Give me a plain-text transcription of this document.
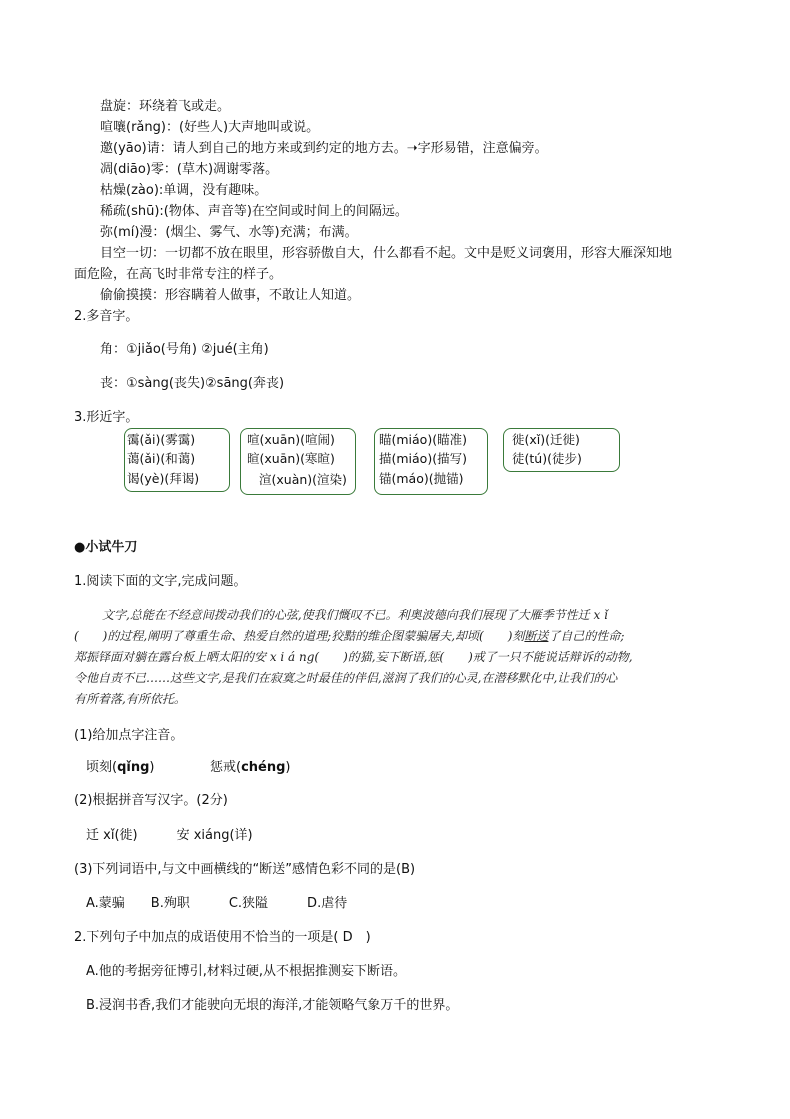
盘旋：环绕着飞或走。
喧嚷(rǎng)：(好些人)大声地叫或说。
邀(yāo)请：请人到自己的地方来或到约定的地方去。➝字形易错，注意偏旁。
凋(diāo)零：(草木)凋谢零落。
枯燥(zào):单调，没有趣味。
稀疏(shū):(物体、声音等)在空间或时间上的间隔远。
弥(mí)漫：(烟尘、雾气、水等)充满；布满。
目空一切：一切都不放在眼里，形容骄傲自大，什么都看不起。文中是贬义词褒用，形容大雁深知地
面危险，在高飞时非常专注的样子。
偷偷摸摸：形容瞒着人做事，不敢让人知道。
2.多音字。
角：①jiǎo(号角) ②jué(主角)
丧：①sàng(丧失)②sāng(奔丧)
3.形近字。
霭(ǎi)(雾霭)
蔼(ǎi)(和蔼)
谒(yè)(拜谒)
喧(xuān)(喧闹)
暄(xuān)(寒暄)
渲(xuàn)(渲染)
瞄(miáo)(瞄准)
描(miáo)(描写)
锚(máo)(抛锚)
徙(xǐ)(迁徙)
徒(tú)(徒步)
●小试牛刀
1.阅读下面的文字,完成问题。

文字,总能在不经意间拨动我们的心弦,使我们慨叹不已。利奥波德向我们展现了大雁季节性迁 x ǐ

(　　)的过程,阐明了尊重生命、热爱自然的道理;狡黠的维企图蒙骗屠夫,却顷(　　)刻断送了自己的性命;

郑振铎面对躺在露台板上晒太阳的安 x i á ng(　　)的猫,妄下断语,惩(　　)戒了一只不能说话辩诉的动物,

令他自责不已……这些文字,是我们在寂寞之时最佳的伴侣,滋润了我们的心灵,在潜移默化中,让我们的心

有所着落,有所依托。

(1)给加点字注音。
顷刻(qǐng)	惩戒(chéng)
(2)根据拼音写汉字。(2分)
迁 xǐ(徙)　　　安 xiáng(详)
(3)下列词语中,与文中画横线的“断送”感情色彩不同的是(B)
A.蒙骗　　B.殉职　　　C.狭隘　　　D.虐待
2.下列句子中加点的成语使用不恰当的一项是( D　)
A.他的考据旁征博引,材料过硬,从不根据推测妄下断语。
B.浸润书香,我们才能驶向无垠的海洋,才能领略气象万千的世界。
